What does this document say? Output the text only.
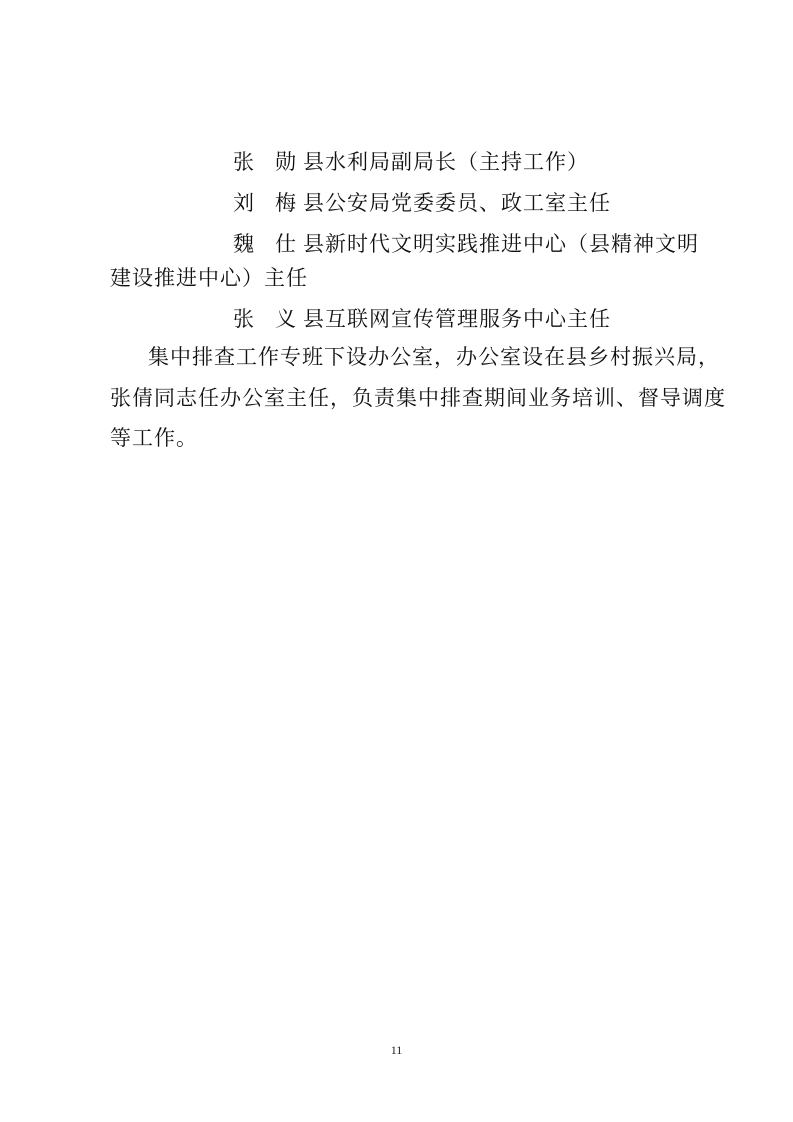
张　勋 县水利局副局长（主持工作）
刘　梅 县公安局党委委员、政工室主任
魏　仕 县新时代文明实践推进中心（县精神文明
建设推进中心）主任
张　义 县互联网宣传管理服务中心主任
集中排查工作专班下设办公室，办公室设在县乡村振兴局，
张倩同志任办公室主任，负责集中排查期间业务培训、督导调度
等工作。
11
